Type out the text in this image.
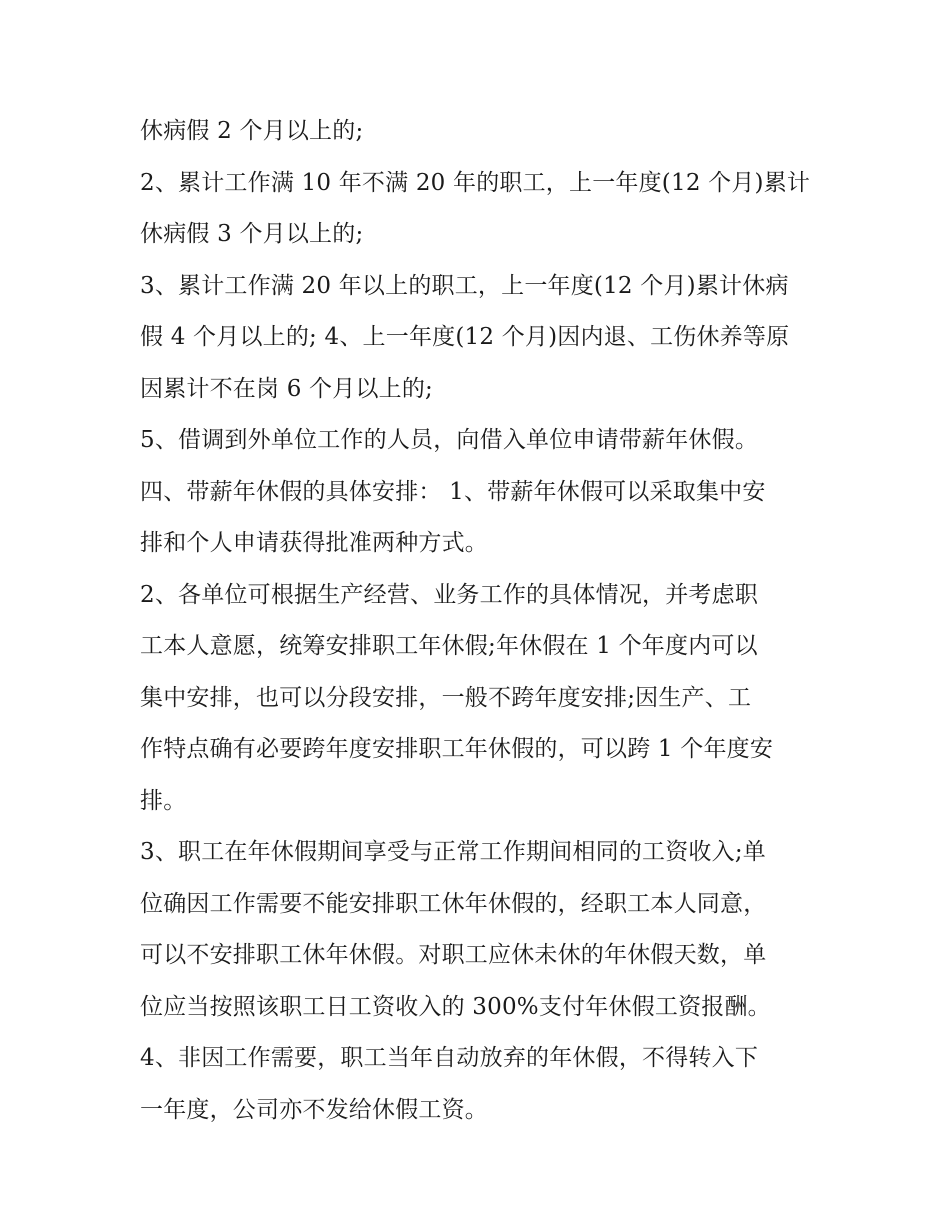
休病假 2 个月以上的;
2、累计工作满 10 年不满 20 年的职工，上一年度(12 个月)累计
休病假 3 个月以上的;
3、累计工作满 20 年以上的职工，上一年度(12 个月)累计休病
假 4 个月以上的; 4、上一年度(12 个月)因内退、工伤休养等原
因累计不在岗 6 个月以上的;
5、借调到外单位工作的人员，向借入单位申请带薪年休假。
四、带薪年休假的具体安排： 1、带薪年休假可以采取集中安
排和个人申请获得批准两种方式。
2、各单位可根据生产经营、业务工作的具体情况，并考虑职
工本人意愿，统筹安排职工年休假;年休假在 1 个年度内可以
集中安排，也可以分段安排，一般不跨年度安排;因生产、工
作特点确有必要跨年度安排职工年休假的，可以跨 1 个年度安
排。
3、职工在年休假期间享受与正常工作期间相同的工资收入;单
位确因工作需要不能安排职工休年休假的，经职工本人同意，
可以不安排职工休年休假。对职工应休未休的年休假天数，单
位应当按照该职工日工资收入的 300%支付年休假工资报酬。
4、非因工作需要，职工当年自动放弃的年休假，不得转入下
一年度，公司亦不发给休假工资。
